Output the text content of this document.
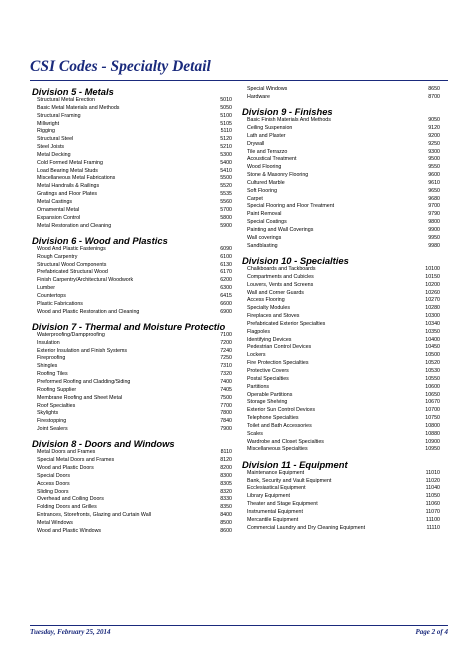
CSI Codes - Specialty Detail
Division 5 - Metals
Structural Metal Erection	5010
Basic Metal Materials and Methods	5050
Structural Framing	5100
Millwright	5105
Rigging	5110
Structural Steel	5120
Steel Joists	5210
Metal Decking	5300
Cold Formed Metal Framing	5400
Load Bearing Metal Studs	5410
Miscellaneous Metal Fabrications	5500
Metal Handrails & Railings	5520
Gratings and Floor Plates	5535
Metal Castings	5560
Ornamental Metal	5700
Expansion Control	5800
Metal Restoration and Cleaning	5900
Division 6 - Wood and Plastics
Wood And Plastic Fastenings	6090
Rough Carpentry	6100
Structural Wood Components	6130
Prefabricated Structural Wood	6170
Finish Carpentry/Architectural Woodwork	6200
Lumber	6300
Countertops	6415
Plastic Fabrications	6600
Wood and Plastic Restoration and Cleaning	6900
Division 7 - Thermal and Moisture Protectio
Waterproofing/Dampproofing	7100
Insulation	7200
Exterior Insulation and Finish Systems	7240
Fireproofing	7250
Shingles	7310
Roofing Tiles	7320
Preformed Roofing and Cladding/Siding	7400
Roofing Supplier	7405
Membrane Roofing and Sheet Metal	7500
Roof Specialties	7700
Skylights	7800
Firestopping	7840
Joint Sealers	7900
Division 8 - Doors and Windows
Metal Doors and Frames	8110
Special Metal Doors and Frames	8120
Wood and Plastic Doors	8200
Special Doors	8300
Access Doors	8305
Sliding Doors	8320
Overhead and Coiling Doors	8330
Folding Doors and Grilles	8350
Entrances, Storefronts, Glazing and Curtain Wall	8400
Metal Windows	8500
Wood and Plastic Windows	8600
Special Windows	8650
Hardware	8700
Division 9 - Finishes
Basic Finish Materials And Methods	9050
Ceiling Suspension	9120
Lath and Plaster	9200
Drywall	9250
Tile and Terrazzo	9300
Acoustical Treatment	9500
Wood Flooring	9550
Stone & Masonry Flooring	9600
Cultured Marble	9610
Soft Flooring	9650
Carpet	9680
Special Flooring and Floor Treatment	9700
Paint Removal	9790
Special Coatings	9800
Painting and Wall Coverings	9900
Wall coverings	9950
Sandblasting	9980
Division 10 - Specialties
Chalkboards and Tackboards	10100
Compartments and Cubicles	10150
Louvers, Vents and Screens	10200
Wall and Corner Guards	10260
Access Flooring	10270
Specialty Modules	10280
Fireplaces and Stoves	10300
Prefabricated Exterior Specialties	10340
Flagpoles	10350
Identifying Devices	10400
Pedestrian Control Devices	10450
Lockers	10500
Fire Protection Specialties	10520
Protective Covers	10530
Postal Specialties	10550
Partitions	10600
Operable Partitions	10650
Storage Shelving	10670
Exterior Sun Control Devices	10700
Telephone Specialties	10750
Toilet and Bath Accessories	10800
Scales	10880
Wardrobe and Closet Specialties	10900
Miscellaneous Specialties	10950
Division 11 - Equipment
Maintenance Equipment	11010
Bank, Security and Vault Equipment	11020
Ecclesiastical Equipment	11040
Library Equipment	11050
Theater and Stage Equipment	11060
Instrumental Equipment	11070
Mercantile Equipment	11100
Commercial Laundry and Dry Cleaning Equipment	11110
Tuesday, February 25, 2014	Page 2 of 4
